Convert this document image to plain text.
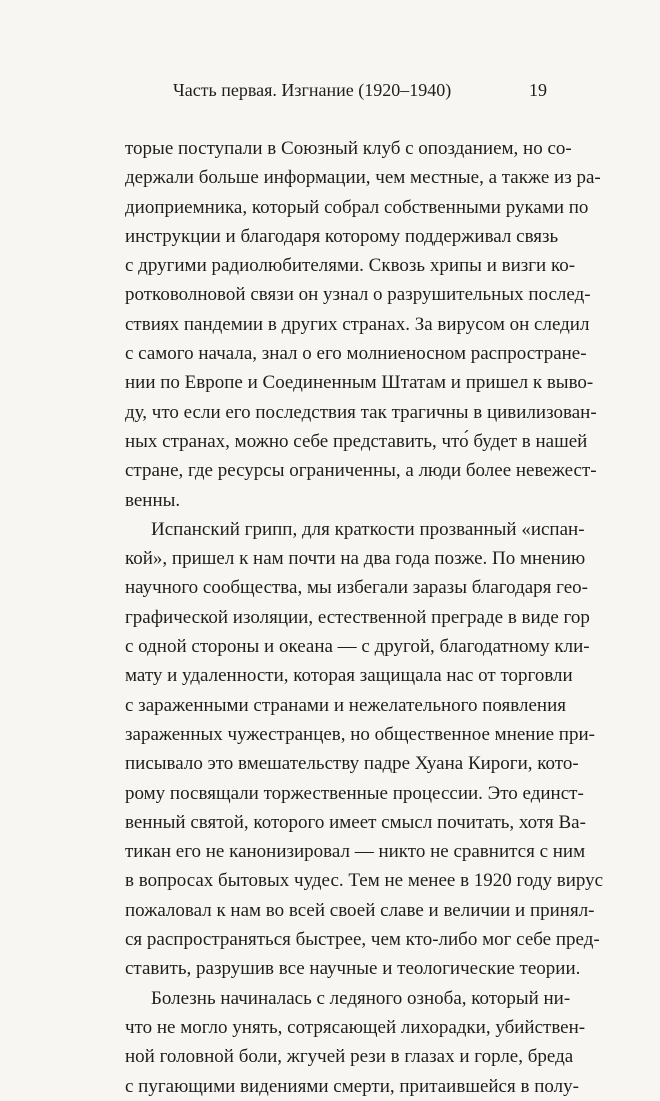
Часть первая. Изгнание (1920–1940)	19
торые поступали в Союзный клуб с опозданием, но со-
держали больше информации, чем местные, а также из ра-
диоприемника, который собрал собственными руками по
инструкции и благодаря которому поддерживал связь
с другими радиолюбителями. Сквозь хрипы и визги ко-
ротковолновой связи он узнал о разрушительных послед-
ствиях пандемии в других странах. За вирусом он следил
с самого начала, знал о его молниеносном распростране-
нии по Европе и Соединенным Штатам и пришел к выво-
ду, что если его последствия так трагичны в цивилизован-
ных странах, можно себе представить, что́ будет в нашей
стране, где ресурсы ограниченны, а люди более невежест-
венны.
Испанский грипп, для краткости прозванный «испан-
кой», пришел к нам почти на два года позже. По мнению
научного сообщества, мы избегали заразы благодаря гео-
графической изоляции, естественной преграде в виде гор
с одной стороны и океана — с другой, благодатному кли-
мату и удаленности, которая защищала нас от торговли
с зараженными странами и нежелательного появления
зараженных чужестранцев, но общественное мнение при-
писывало это вмешательству падре Хуана Кироги, кото-
рому посвящали торжественные процессии. Это единст-
венный святой, которого имеет смысл почитать, хотя Ва-
тикан его не канонизировал — никто не сравнится с ним
в вопросах бытовых чудес. Тем не менее в 1920 году вирус
пожаловал к нам во всей своей славе и величии и принял-
ся распространяться быстрее, чем кто-либо мог себе пред-
ставить, разрушив все научные и теологические теории.
Болезнь начиналась с ледяного озноба, который ни-
что не могло унять, сотрясающей лихорадки, убийствен-
ной головной боли, жгучей рези в глазах и горле, бреда
с пугающими видениями смерти, притаившейся в полу-
